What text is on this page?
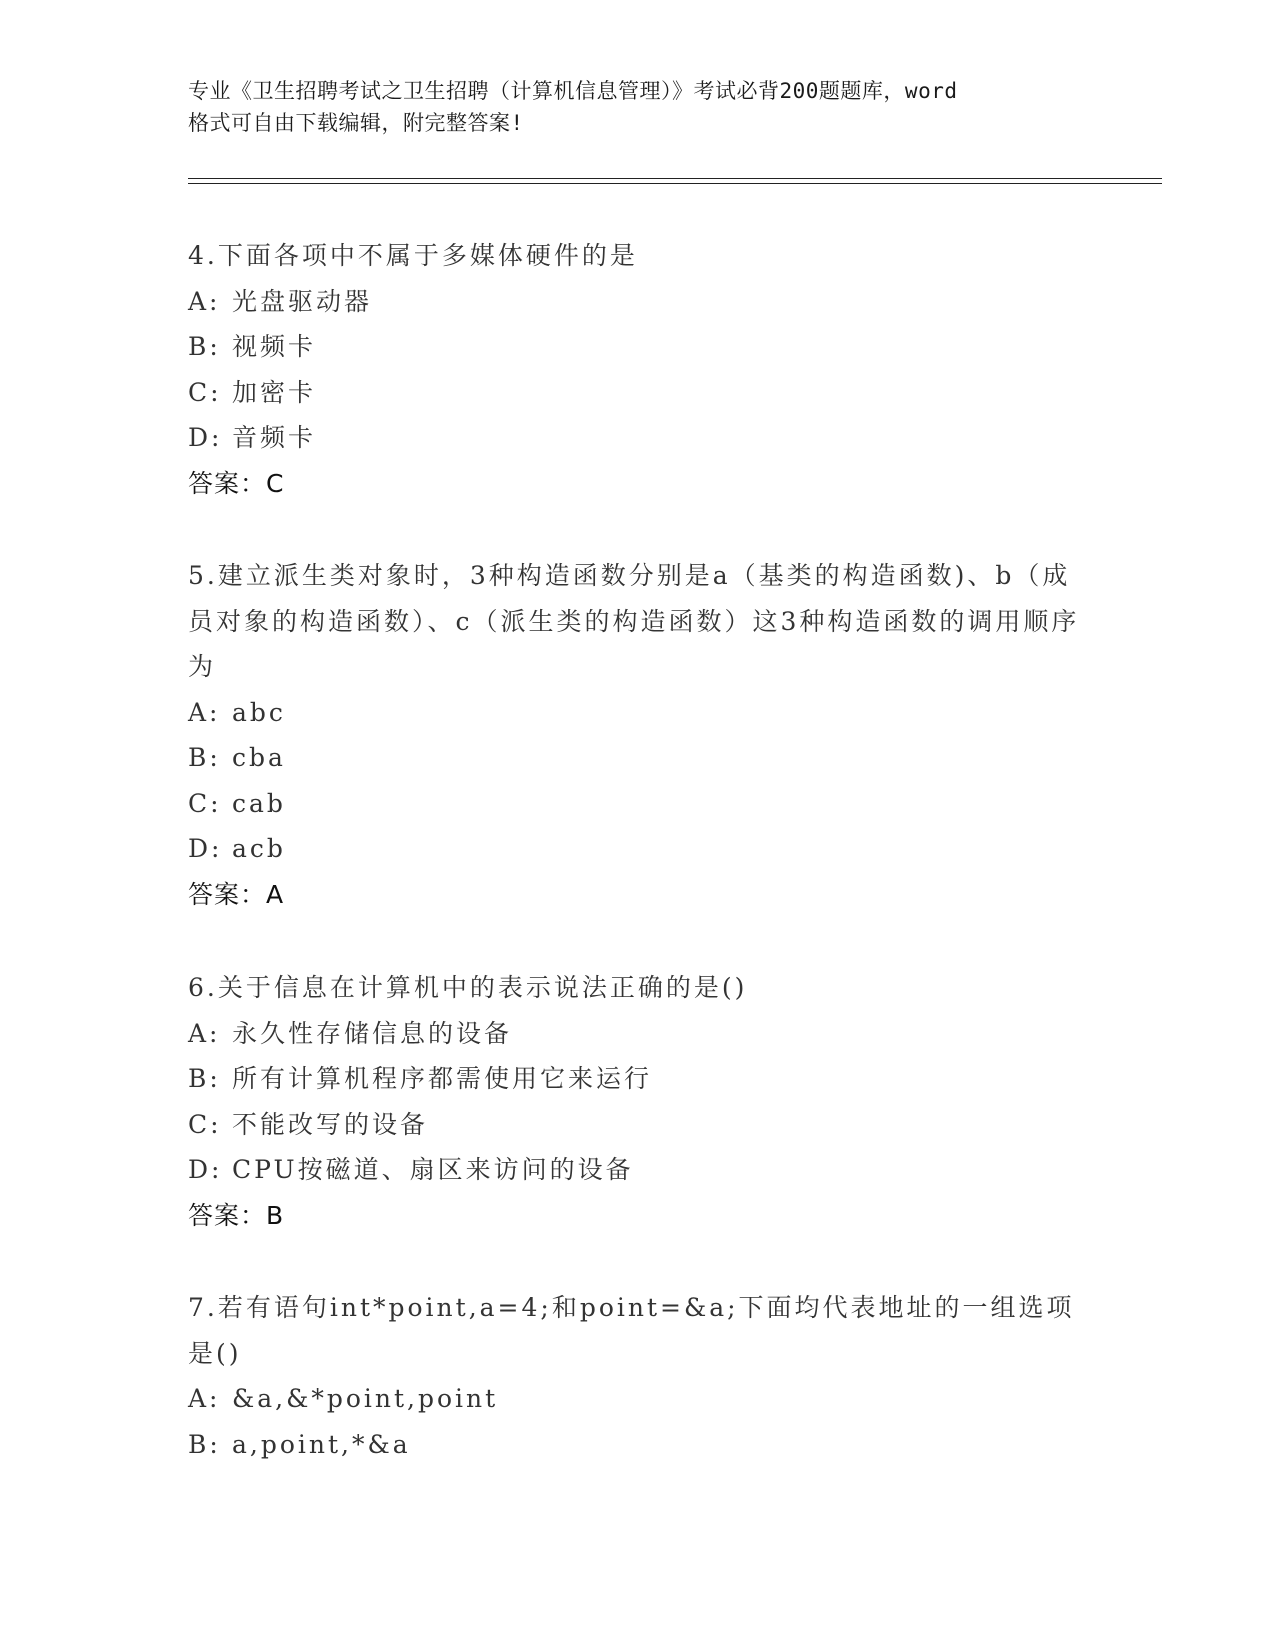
专业《卫生招聘考试之卫生招聘（计算机信息管理）》考试必背200题题库，word
格式可自由下载编辑，附完整答案!
4.下面各项中不属于多媒体硬件的是
A: 光盘驱动器
B: 视频卡
C: 加密卡
D: 音频卡
答案：C
5.建立派生类对象时，3种构造函数分别是a（基类的构造函数)、b（成员对象的构造函数）、c（派生类的构造函数）这3种构造函数的调用顺序为
A: abc
B: cba
C: cab
D: acb
答案：A
6.关于信息在计算机中的表示说法正确的是()
A: 永久性存储信息的设备
B: 所有计算机程序都需使用它来运行
C: 不能改写的设备
D: CPU按磁道、扇区来访问的设备
答案：B
7.若有语句int*point,a=4;和point=&a;下面均代表地址的一组选项是()
A: &a,&*point,point
B: a,point,*&a
